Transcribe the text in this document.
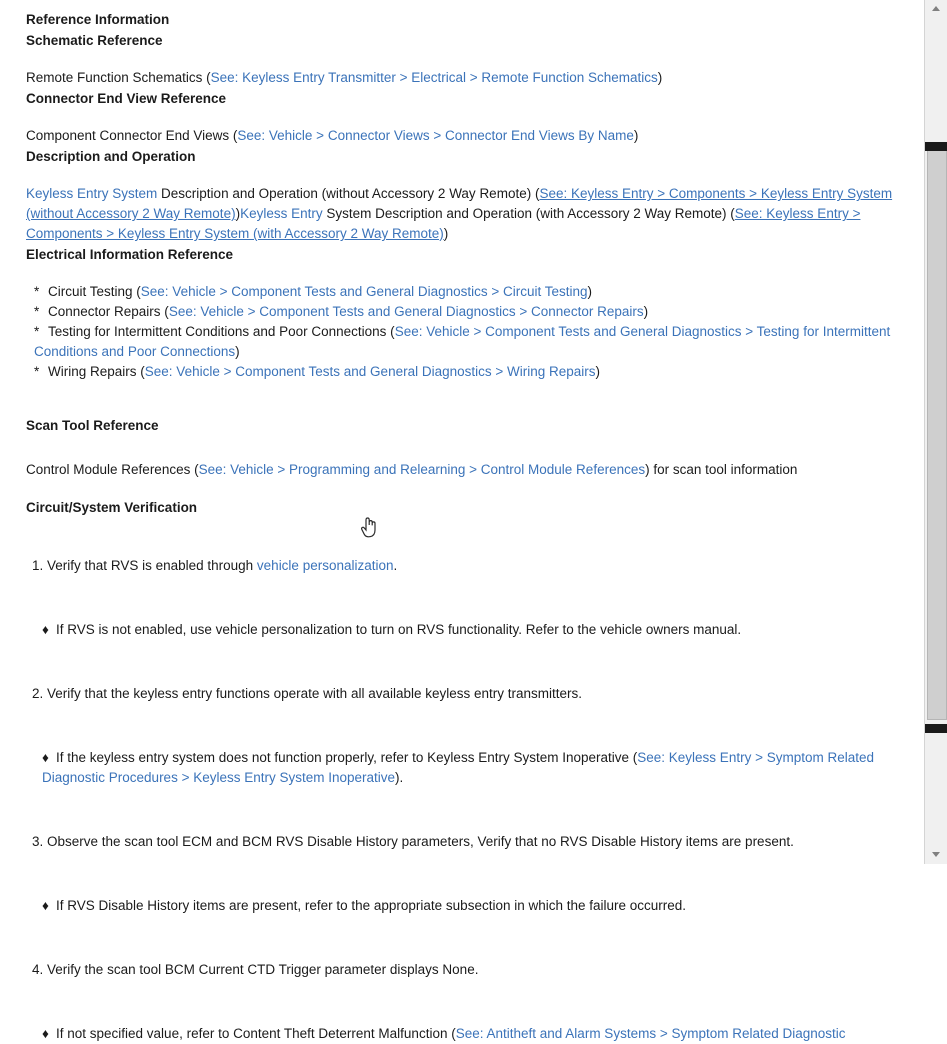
Reference Information
Schematic Reference

Remote Function Schematics (See: Keyless Entry Transmitter > Electrical > Remote Function Schematics)

Connector End View Reference

Component Connector End Views (See: Vehicle > Connector Views > Connector End Views By Name)

Description and Operation

Keyless Entry System Description and Operation (without Accessory 2 Way Remote) (See: Keyless Entry > Components > Keyless Entry System (without Accessory 2 Way Remote))Keyless Entry System Description and Operation (with Accessory 2 Way Remote) (See: Keyless Entry > Components > Keyless Entry System (with Accessory 2 Way Remote))

Electrical Information Reference
* Circuit Testing (See: Vehicle > Component Tests and General Diagnostics > Circuit Testing)
* Connector Repairs (See: Vehicle > Component Tests and General Diagnostics > Connector Repairs)
* Testing for Intermittent Conditions and Poor Connections (See: Vehicle > Component Tests and General Diagnostics > Testing for Intermittent Conditions and Poor Connections)
* Wiring Repairs (See: Vehicle > Component Tests and General Diagnostics > Wiring Repairs)
Scan Tool Reference

Control Module References (See: Vehicle > Programming and Relearning > Control Module References) for scan tool information

Circuit/System Verification

1. Verify that RVS is enabled through vehicle personalization.

♦ If RVS is not enabled, use vehicle personalization to turn on RVS functionality. Refer to the vehicle owners manual.

2. Verify that the keyless entry functions operate with all available keyless entry transmitters.

♦ If the keyless entry system does not function properly, refer to Keyless Entry System Inoperative (See: Keyless Entry > Symptom Related Diagnostic Procedures > Keyless Entry System Inoperative).

3. Observe the scan tool ECM and BCM RVS Disable History parameters, Verify that no RVS Disable History items are present.

♦ If RVS Disable History items are present, refer to the appropriate subsection in which the failure occurred.

4. Verify the scan tool BCM Current CTD Trigger parameter displays None.

♦ If not specified value, refer to Content Theft Deterrent Malfunction (See: Antitheft and Alarm Systems > Symptom Related Diagnostic
